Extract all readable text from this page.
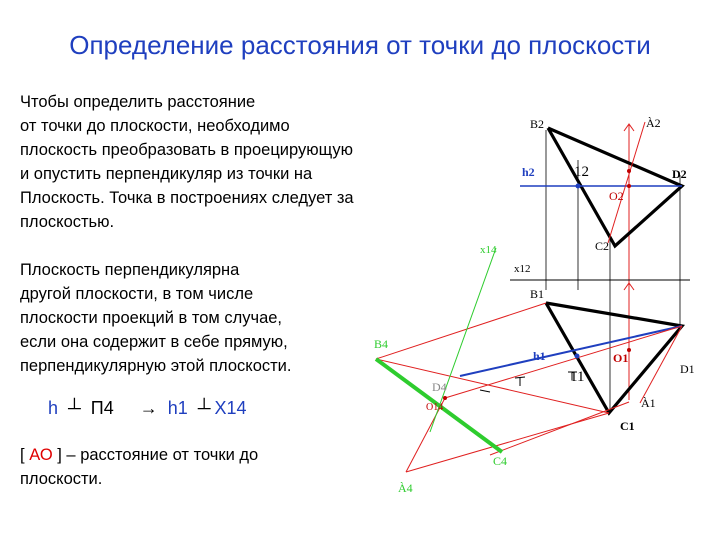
Определение расстояния от точки до плоскости
Чтобы определить расстояние
от точки до плоскости, необходимо
плоскость преобразовать в проецирующую
и опустить перпендикуляр из точки на
Плоскость. Точка в построениях следует за
плоскостью.
Плоскость перпендикулярна
другой плоскости, в том числе
плоскости проекций в том случае,
если она содержит в себе прямую,
перпендикулярную этой плоскости.
h ┴ П4 → h1 ┴ X14
[ АО ] – расстояние от точки до плоскости.
B2	À2
h2	12	D2
O2
C2
x14
x12
B1
B4
h1
11
O1
D1
D4
O14	À1
C1
C4
À4
